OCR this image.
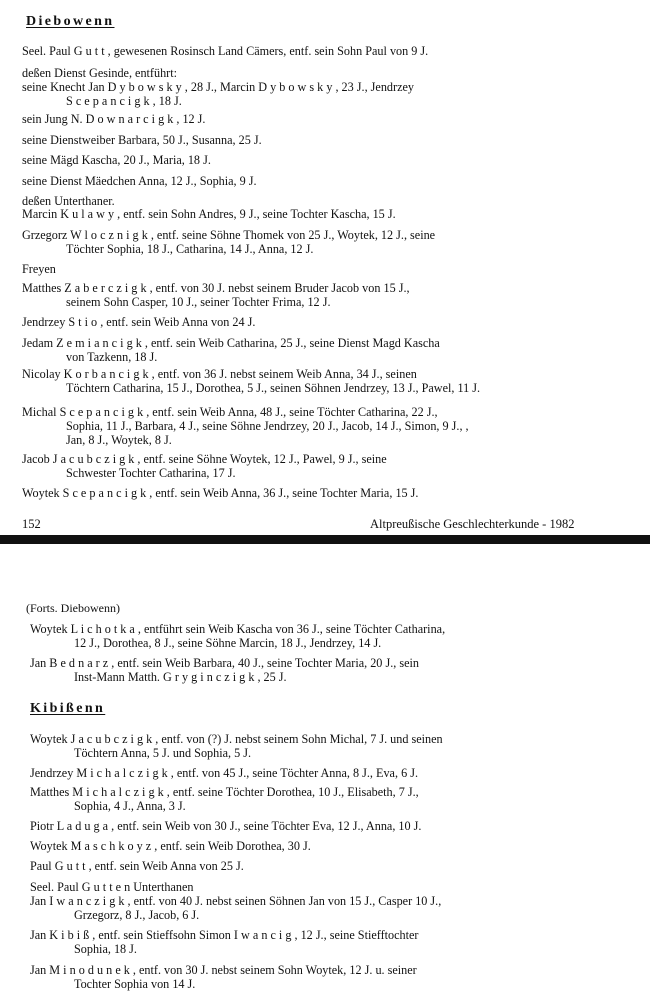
Diebowenn
Seel. Paul G u t t , gewesenen Rosinsch Land Cämers, entf. sein Sohn Paul von 9 J.
deßen Dienst Gesinde, entführt:
seine Knecht Jan D y b o w s k y , 28 J., Marcin D y b o w s k y , 23 J., Jendrzey
S c e p a n c i g k , 18 J.
sein Jung N. D o w n a r c i g k , 12 J.
seine Dienstweiber Barbara, 50 J., Susanna, 25 J.
seine Mägd Kascha, 20 J., Maria, 18 J.
seine Dienst Mäedchen Anna, 12 J., Sophia, 9 J.
deßen Unterthaner.
Marcin K u l a w y , entf. sein Sohn Andres, 9 J., seine Tochter Kascha, 15 J.
Grzegorz W l o c z n i g k , entf. seine Söhne Thomek von 25 J., Woytek, 12 J., seine
Töchter Sophia, 18 J., Catharina, 14 J., Anna, 12 J.
Freyen
Matthes Z a b e r c z i g k , entf. von 30 J. nebst seinem Bruder Jacob von 15 J.,
seinem Sohn Casper, 10 J., seiner Tochter Frima, 12 J.
Jendrzey S t i o , entf. sein Weib Anna von 24 J.
Jedam Z e m i a n c i g k , entf. sein Weib Catharina, 25 J., seine Dienst Magd Kascha
von Tazkenn, 18 J.
Nicolay K o r b a n c i g k , entf. von 36 J. nebst seinem Weib Anna, 34 J., seinen
Töchtern Catharina, 15 J., Dorothea, 5 J., seinen Söhnen Jendrzey, 13 J., Pawel, 11 J.
Michal S c e p a n c i g k , entf. sein Weib Anna, 48 J., seine Töchter Catharina, 22 J.,
Sophia, 11 J., Barbara, 4 J., seine Söhne Jendrzey, 20 J., Jacob, 14 J., Simon, 9 J., ,
Jan, 8 J., Woytek, 8 J.
Jacob J a c u b c z i g k , entf. seine Söhne Woytek, 12 J., Pawel, 9 J., seine
Schwester Tochter Catharina, 17 J.
Woytek S c e p a n c i g k , entf. sein Weib Anna, 36 J., seine Tochter Maria, 15 J.
152	Altpreußische Geschlechterkunde - 1982
(Forts. Diebowenn)
Woytek L i c h o t k a , entführt sein Weib Kascha von 36 J., seine Töchter Catharina,
12 J., Dorothea, 8 J., seine Söhne Marcin, 18 J., Jendrzey, 14 J.
Jan B e d n a r z , entf. sein Weib Barbara, 40 J., seine Tochter Maria, 20 J., sein
Inst-Mann Matth. G r y g i n c z i g k , 25 J.
Kibißenn
Woytek J a c u b c z i g k , entf. von (?) J. nebst seinem Sohn Michal, 7 J. und seinen
Töchtern Anna, 5 J. und Sophia, 5 J.
Jendrzey M i c h a l c z i g k , entf. von 45 J., seine Töchter Anna, 8 J., Eva, 6 J.
Matthes M i c h a l c z i g k , entf. seine Töchter Dorothea, 10 J., Elisabeth, 7 J.,
Sophia, 4 J., Anna, 3 J.
Piotr L a d u g a , entf. sein Weib von 30 J., seine Töchter Eva, 12 J., Anna, 10 J.
Woytek M a s c h k o y z , entf. sein Weib Dorothea, 30 J.
Paul G u t t , entf. sein Weib Anna von 25 J.
Seel. Paul G u t t e n Unterthanen
Jan I w a n c z i g k , entf. von 40 J. nebst seinen Söhnen Jan von 15 J., Casper 10 J.,
Grzegorz, 8 J., Jacob, 6 J.
Jan K i b i ß , entf. sein Stieffsohn Simon I w a n c i g , 12 J., seine Stiefftochter
Sophia, 18 J.
Jan M i n o d u n e k , entf. von 30 J. nebst seinem Sohn Woytek, 12 J. u. seiner
Tochter Sophia von 14 J.
